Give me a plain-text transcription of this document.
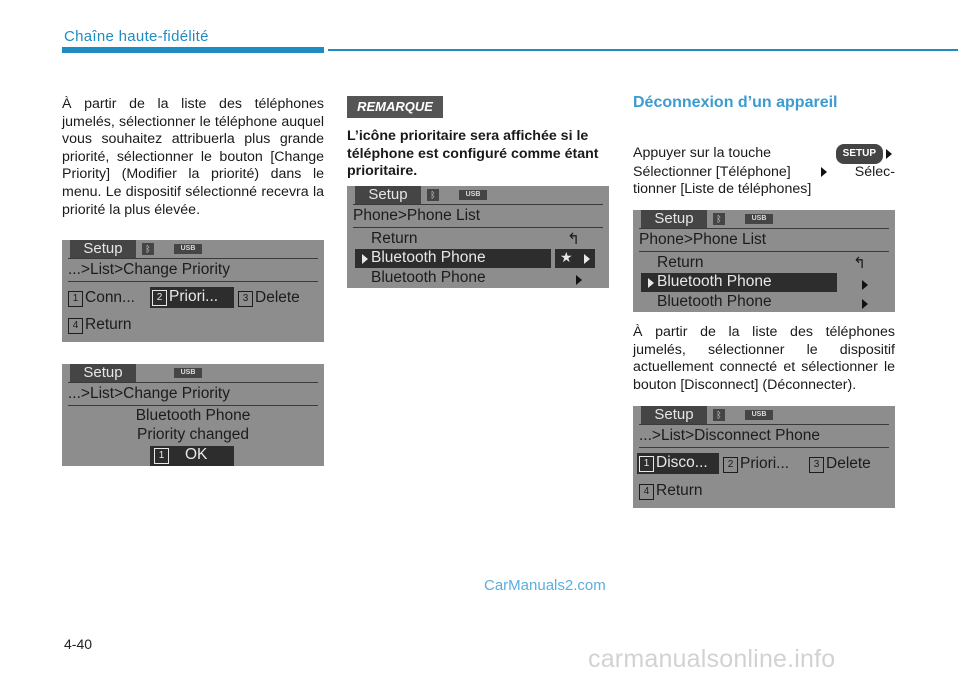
Chaîne haute-fidélité
À partir de la liste des téléphones jumelés, sélectionner le téléphone auquel vous souhaitez attribuerla plus grande priorité, sélectionner le bouton [Change Priority] (Modifier la priorité) dans le menu. Le dispositif sélectionné recevra la priorité la plus élevée.
Setup	ᛒ	USB
...>List>Change Priority
1 Conn...	2 Priori...	3 Delete
4 Return
Setup	USB
...>List>Change Priority
Bluetooth Phone
Priority changed
1 OK
REMARQUE
L’icône prioritaire sera affichée si le téléphone est configuré comme étant prioritaire.
Setup	ᛒ	USB
Phone>Phone List
Return	↰
Bluetooth Phone	★
Bluetooth Phone
Déconnexion d’un appareil
Appuyer sur la touche	SETUP
Sélectionner [Téléphone]	Sélec-
tionner [Liste de téléphones]
Setup	ᛒ	USB
Phone>Phone List
Return	↰
Bluetooth Phone
Bluetooth Phone
À partir de la liste des téléphones jumelés, sélectionner le dispositif actuellement connecté et sélectionner le bouton [Disconnect] (Déconnecter).
Setup	ᛒ	USB
...>List>Disconnect Phone
1 Disco...	2 Priori...	3 Delete
4 Return
4-40
CarManuals2.com
carmanualsonline.info
